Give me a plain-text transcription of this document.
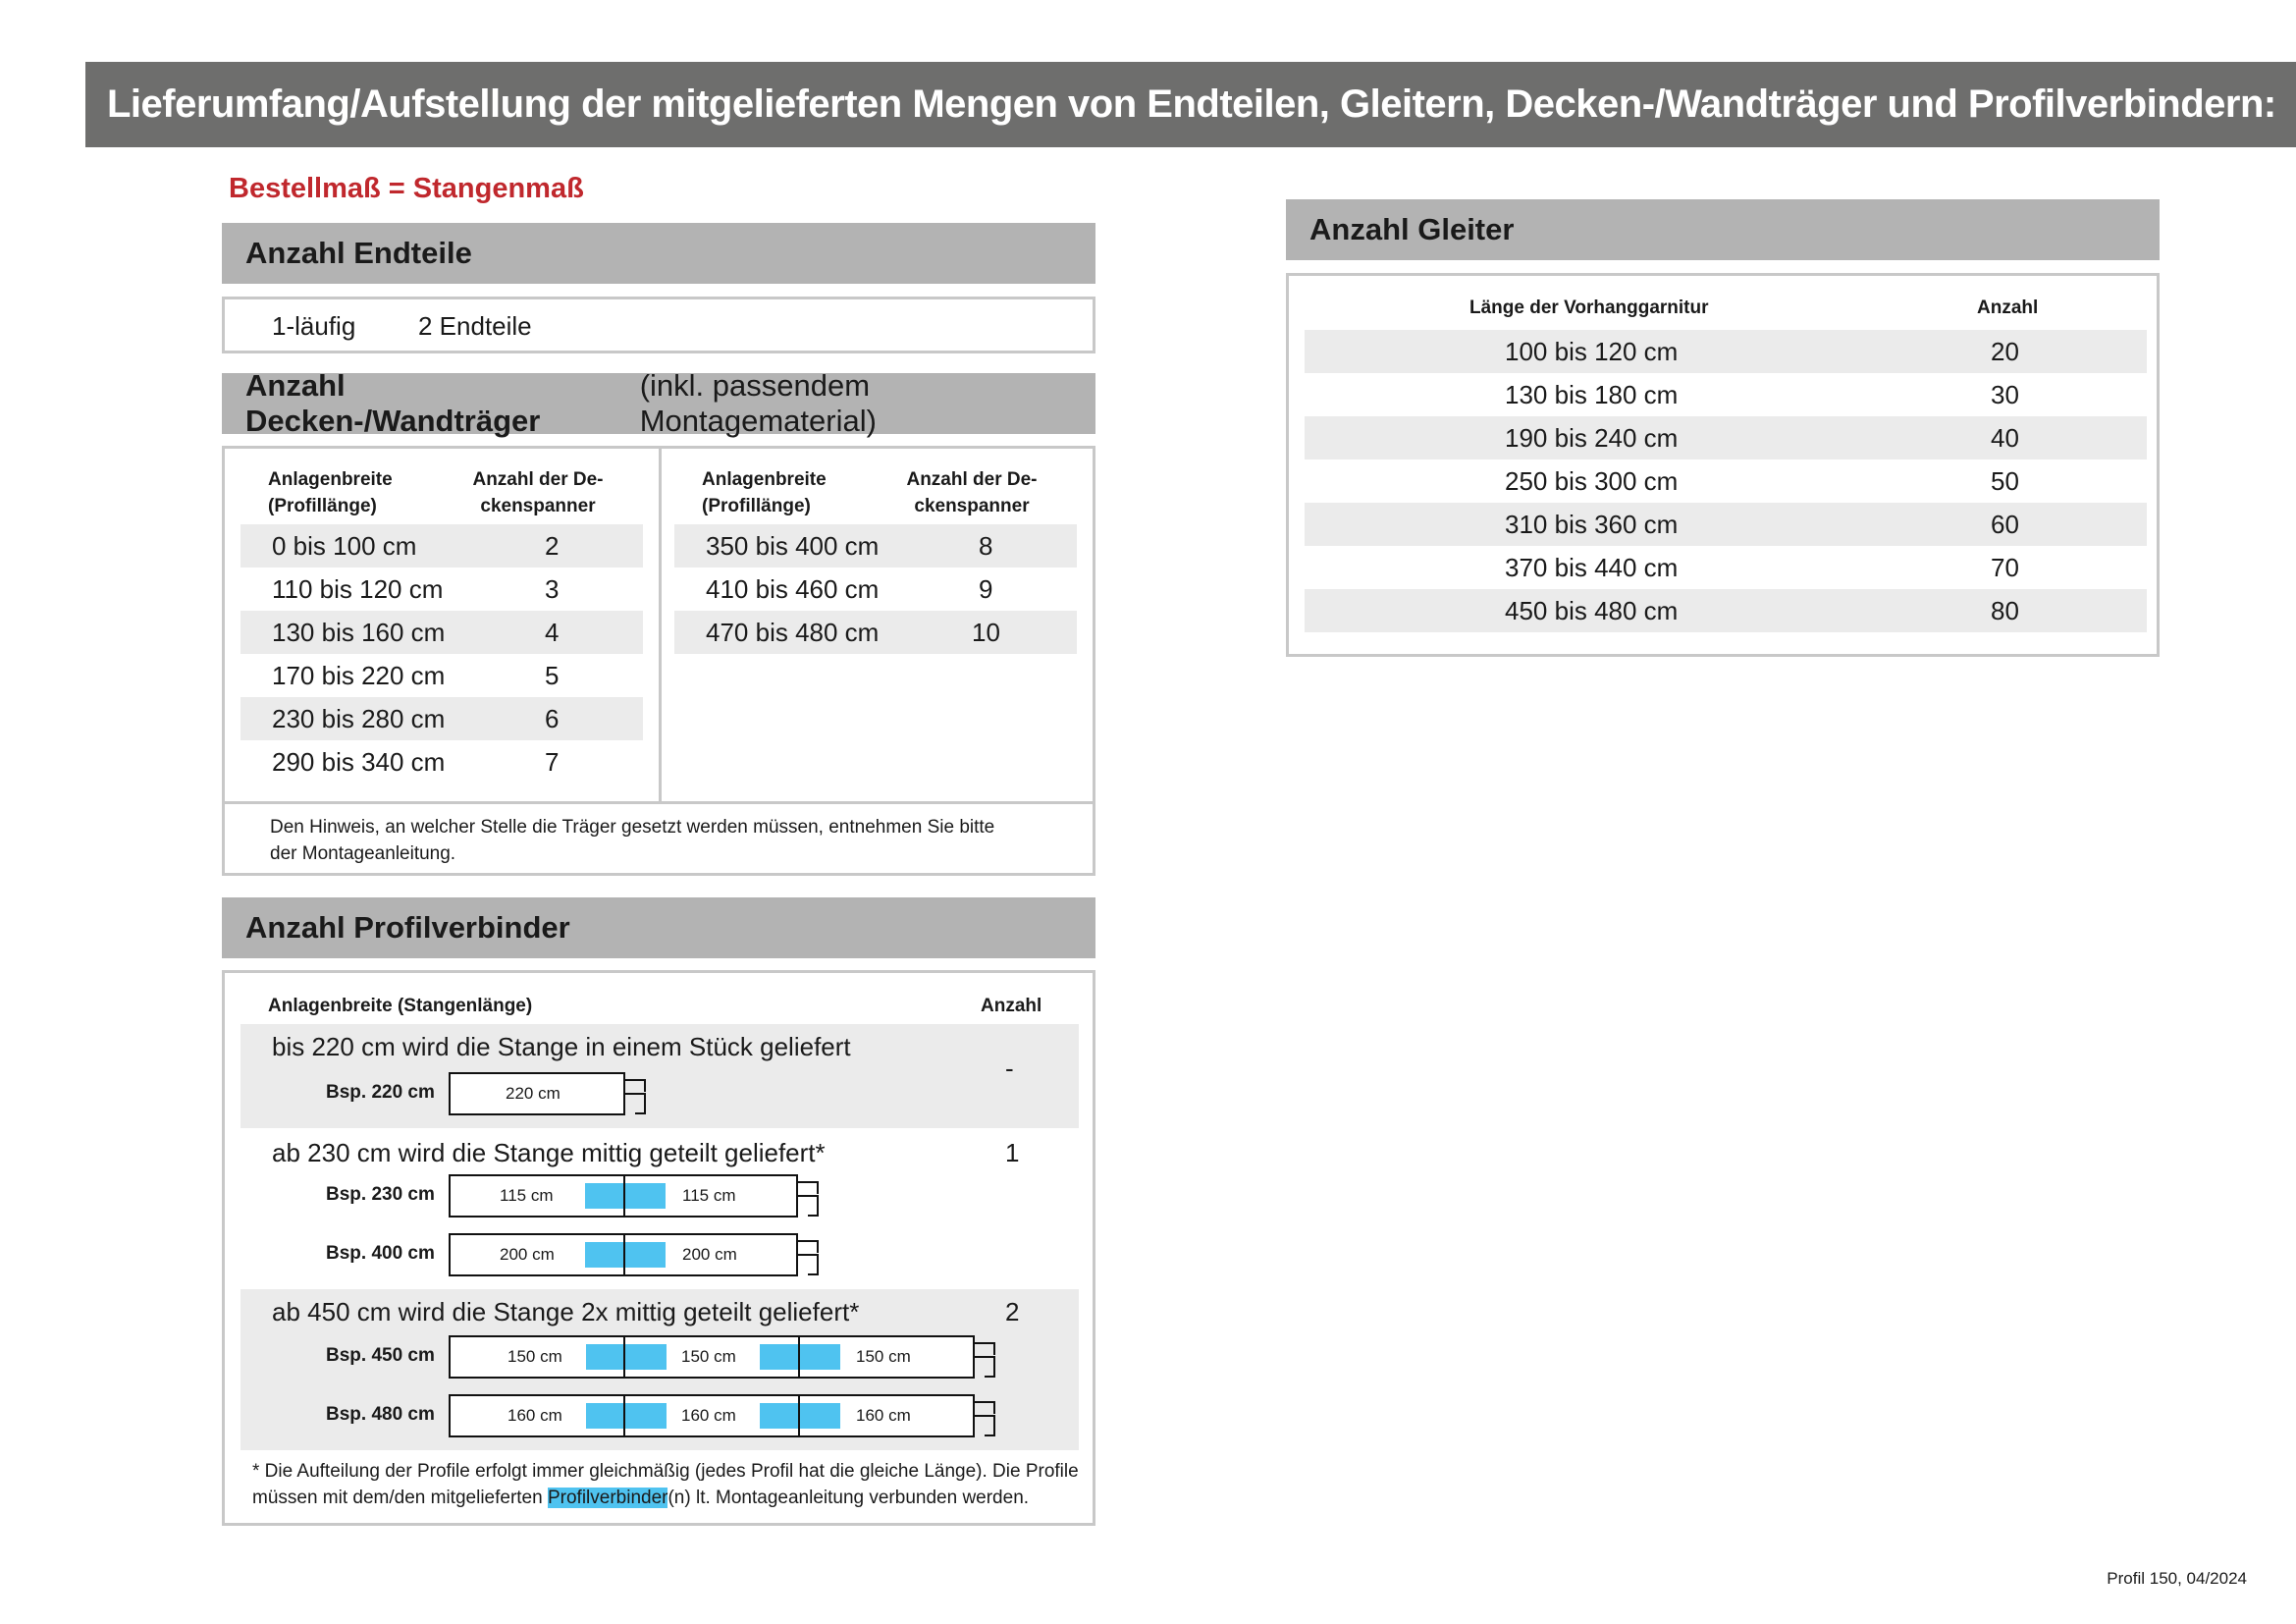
Lieferumfang/Aufstellung der mitgelieferten Mengen von Endteilen, Gleitern, Decken-/Wandträger und Profilverbindern:
Bestellmaß = Stangenmaß
Anzahl Endteile
1-läufig 2 Endteile
Anzahl Decken-/Wandträger
(inkl. passendem Montagematerial)
Anlagenbreite
(Profillänge)
Anzahl der De-
ckenspanner
Anlagenbreite
(Profillänge)
Anzahl der De-
ckenspanner
0 bis 100 cm	2
110 bis 120 cm	3
130 bis 160 cm	4
170 bis 220 cm	5
230 bis 280 cm	6
290 bis 340 cm	7
350 bis 400 cm	8
410 bis 460 cm	9
470 bis 480 cm	10
Den Hinweis, an welcher Stelle die Träger gesetzt werden müssen, entnehmen Sie bitte
der Montageanleitung.
Anzahl Profilverbinder
Anlagenbreite (Stangenlänge)	Anzahl
bis 220 cm wird die Stange in einem Stück geliefert
-
Bsp. 220 cm	220 cm
ab 230 cm wird die Stange mittig geteilt geliefert*	1
Bsp. 230 cm	115 cm	115 cm
Bsp. 400 cm	200 cm	200 cm
ab 450 cm wird die Stange 2x mittig geteilt geliefert*	2
Bsp. 450 cm	150 cm	150 cm	150 cm
Bsp. 480 cm	160 cm	160 cm	160 cm
* Die Aufteilung der Profile erfolgt immer gleichmäßig (jedes Profil hat die gleiche Länge). Die Profile
müssen mit dem/den mitgelieferten Profilverbinder(n) lt. Montageanleitung verbunden werden.
Anzahl Gleiter
Länge der Vorhanggarnitur	Anzahl
100 bis 120 cm	20
130 bis 180 cm	30
190 bis 240 cm	40
250 bis 300 cm	50
310 bis 360 cm	60
370 bis 440 cm	70
450 bis 480 cm	80
Profil 150, 04/2024
